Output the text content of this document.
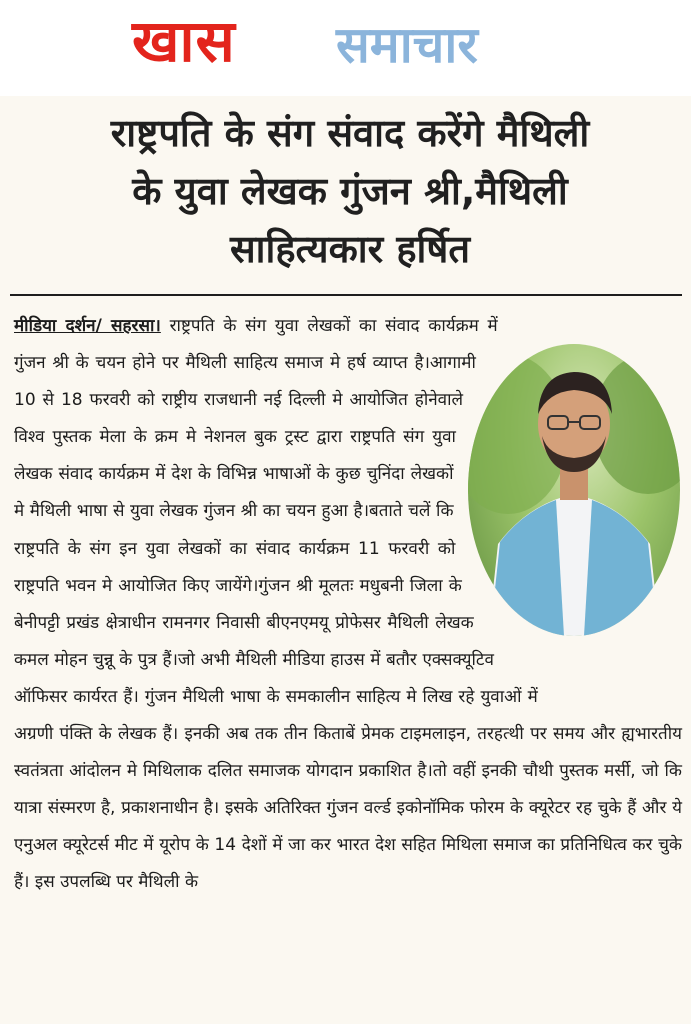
खास समाचार
राष्ट्रपति के संग संवाद करेंगे मैथिली
के युवा लेखक गुंजन श्री,मैथिली
साहित्यकार हर्षित
मीडिया दर्शन/ सहरसा। राष्ट्रपति के संग युवा लेखकों का संवाद कार्यक्रम में गुंजन श्री के चयन होने पर मैथिली साहित्य समाज मे हर्ष व्याप्त है।आगामी 10 से 18 फरवरी को राष्ट्रीय राजधानी नई दिल्ली मे आयोजित होनेवाले विश्व पुस्तक मेला के क्रम मे नेशनल बुक ट्रस्ट द्वारा राष्ट्रपति संग युवा लेखक संवाद कार्यक्रम में देश के विभिन्न भाषाओं के कुछ चुनिंदा लेखकों मे मैथिली भाषा से युवा लेखक गुंजन श्री का चयन हुआ है।बताते चलें कि राष्ट्रपति के संग इन युवा लेखकों का संवाद कार्यक्रम 11 फरवरी को राष्ट्रपति भवन मे आयोजित किए जायेंगे।गुंजन श्री मूलतः मधुबनी जिला के बेनीपट्टी प्रखंड क्षेत्राधीन रामनगर निवासी बीएनएमयू प्रोफेसर मैथिली लेखक कमल मोहन चुन्नू के पुत्र हैं।जो अभी मैथिली मीडिया हाउस में बतौर एक्सक्यूटिव ऑफिसर कार्यरत हैं। गुंजन मैथिली भाषा के समकालीन साहित्य मे लिख रहे युवाओं में अग्रणी पंक्ति के लेखक हैं। इनकी अब तक तीन किताबें प्रेमक टाइमलाइन, तरहत्थी पर समय और ह्यभारतीय स्वतंत्रता आंदोलन मे मिथिलाक दलित समाजक योगदान प्रकाशित है।तो वहीं इनकी चौथी पुस्तक मर्सी, जो कि यात्रा संस्मरण है, प्रकाशनाधीन है। इसके अतिरिक्त गुंजन वर्ल्ड इकोनॉमिक फोरम के क्यूरेटर रह चुके हैं और ये एनुअल क्यूरेटर्स मीट में यूरोप के 14 देशों में जा कर भारत देश सहित मिथिला समाज का प्रतिनिधित्व कर चुके हैं। इस उपलब्धि पर मैथिली के
